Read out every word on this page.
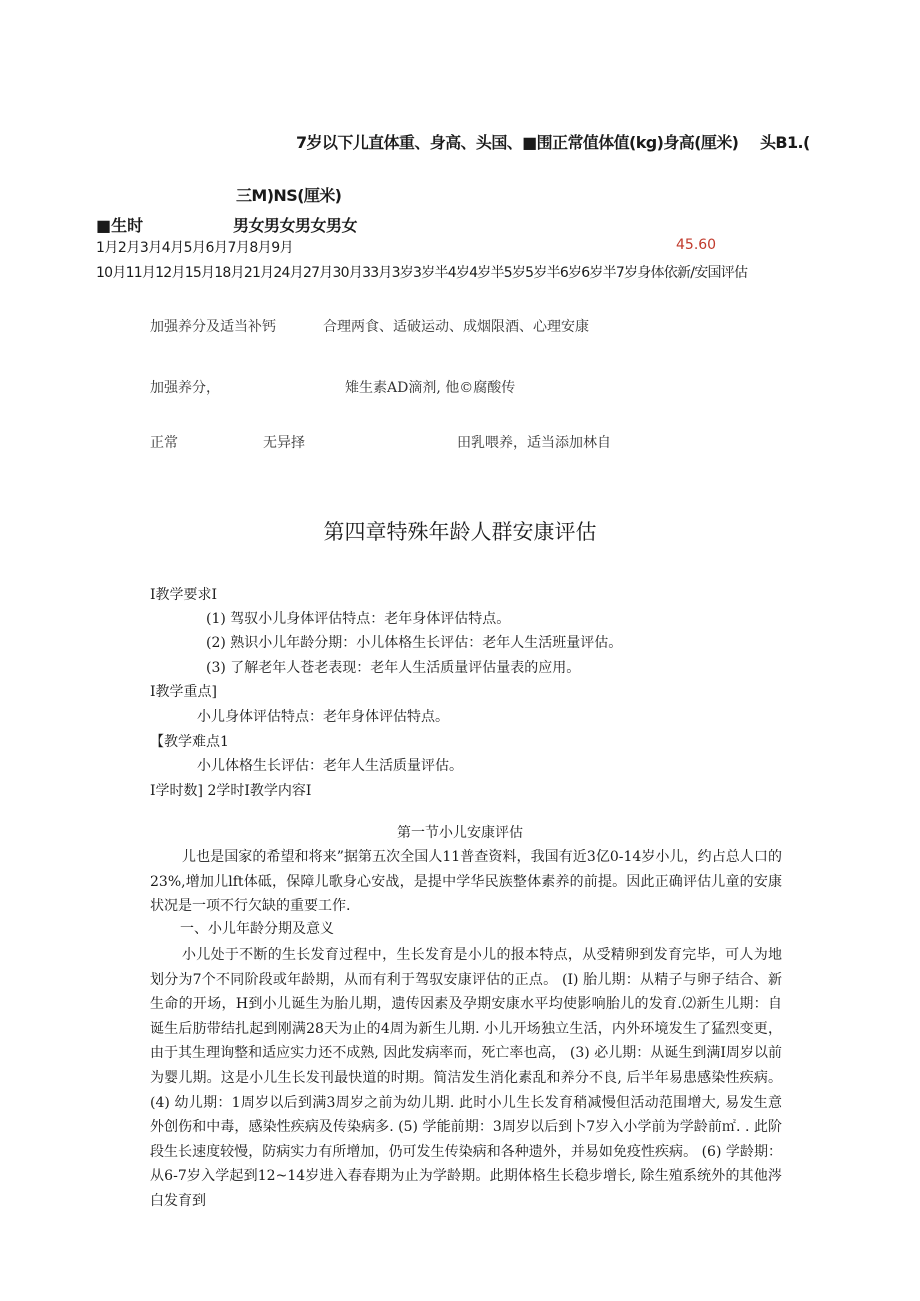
7岁以下儿直体重、身高、头国、■围正常值体值(kg)身高(厘米) 头B1.(
三M)NS(厘米)
■生时	男女男女男女男女
1月2月3月4月5月6月7月8月9月	45.60
10月11月12月15月18月21月24月27月30月33月3岁3岁半4岁4岁半5岁5岁半6岁6岁半7岁身体依新/安国评估
加强养分及适当补钙	合理两食、适破运动、成烟限酒、心理安康
加强养分，	雉生素AD滴剂, 他©腐酸传
正常	无异择	田乳喂养，适当添加林自
第四章特殊年龄人群安康评估
I教学要求I
(1) 驾驭小儿身体评估特点：老年身体评估特点。
(2) 熟识小儿年龄分期：小儿体格生长评估：老年人生活班量评估。
(3) 了解老年人苍老表现：老年人生活质量评估量表的应用。
I教学重点]
小儿身体评估特点：老年身体评估特点。
【教学难点1
小儿体格生长评估：老年人生活质量评估。
I学时数] 2学时I教学内容I
第一节小儿安康评估

儿也是国家的希望和将来”据第五次全国人11普查资料，我国有近3亿0-14岁小儿，约占总人口的23%,增加儿lft体砥，保障儿歌身心安战，是提中学华民族整体素养的前提。因此正确评估儿童的安康状况是一项不行欠缺的重要工作.

一、小儿年龄分期及意义

小儿处于不断的生长发育过程中，生长发育是小儿的报本特点，从受精卵到发育完毕，可人为地划分为7个不同阶段或年龄期，从而有利于驾驭安康评估的正点。 (I) 胎儿期：从精子与卵子结合、新生命的开场，H到小儿诞生为胎儿期，遗传因素及孕期安康水平均使影响胎儿的发育.⑵新生儿期：自诞生后肪带结扎起到刚满28天为止的4周为新生儿期. 小儿开场独立生活，内外环境发生了猛烈变更，由于其生理询整和适应实力还不成熟, 因此发病率而，死亡率也高， (3) 必儿期：从诞生到满I周岁以前为婴儿期。这是小儿生长发刊最快道的时期。简洁发生消化素乱和养分不良, 后半年易患感染性疾病。 (4) 幼儿期：1周岁以后到满3周岁之前为幼儿期. 此时小儿生长发育稍减慢但活动范围增大, 易发生意外创伤和中毒，感染性疾病及传染病多. (5) 学能前期：3周岁以后到卜7岁入小学前为学龄前㎡. . 此阶段生长速度较慢，防病实力有所增加，仍可发生传染病和各种遗外，并易如免疫性疾病。 (6) 学龄期：从6-7岁入学起到12~14岁进入春春期为止为学龄期。此期体格生长稳步增长, 除生殖系统外的其他涔白发育到
